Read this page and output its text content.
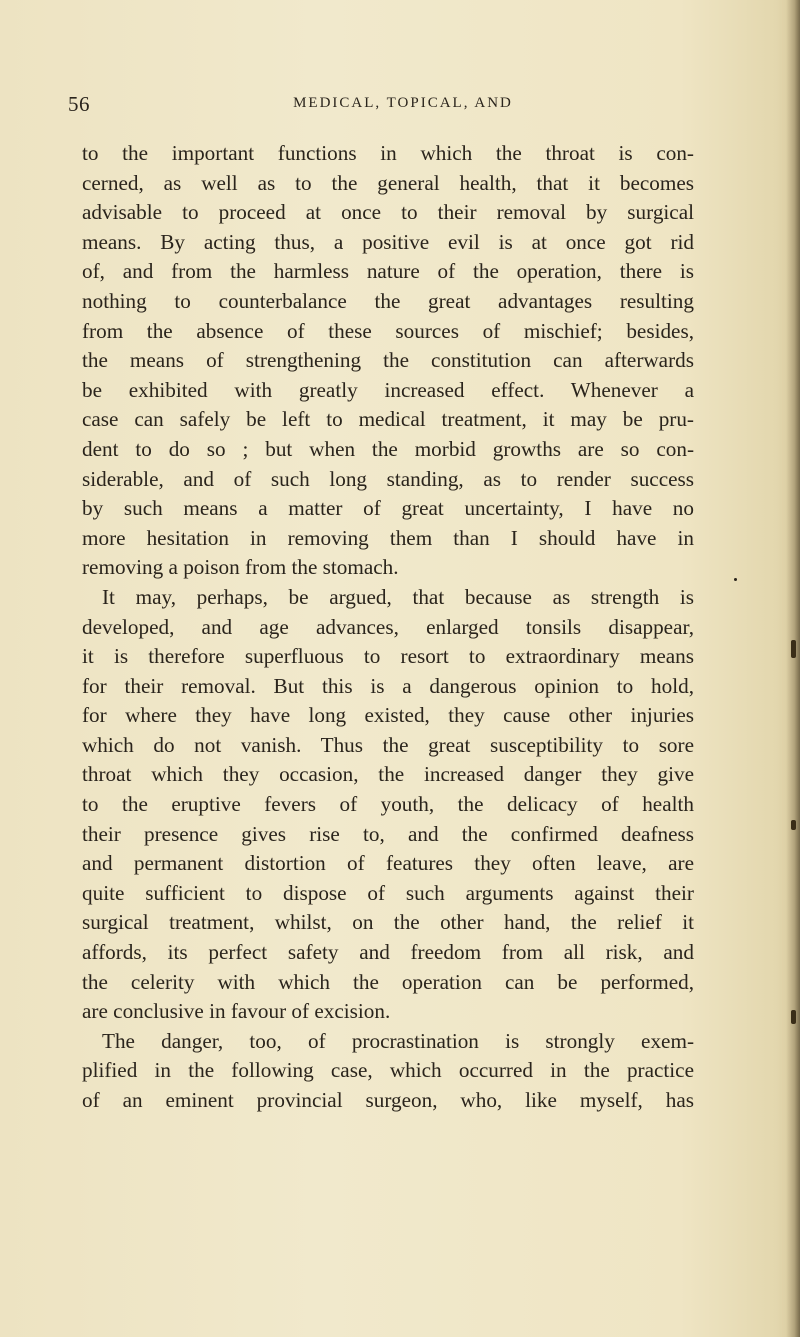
56	MEDICAL, TOPICAL, AND
to the important functions in which the throat is con-
cerned, as well as to the general health, that it becomes
advisable to proceed at once to their removal by surgical
means. By acting thus, a positive evil is at once got rid
of, and from the harmless nature of the operation, there is
nothing to counterbalance the great advantages resulting
from the absence of these sources of mischief; besides,
the means of strengthening the constitution can afterwards
be exhibited with greatly increased effect. Whenever a
case can safely be left to medical treatment, it may be pru-
dent to do so ; but when the morbid growths are so con-
siderable, and of such long standing, as to render success
by such means a matter of great uncertainty, I have no
more hesitation in removing them than I should have in
removing a poison from the stomach.
It may, perhaps, be argued, that because as strength is
developed, and age advances, enlarged tonsils disappear,
it is therefore superfluous to resort to extraordinary means
for their removal. But this is a dangerous opinion to hold,
for where they have long existed, they cause other injuries
which do not vanish. Thus the great susceptibility to sore
throat which they occasion, the increased danger they give
to the eruptive fevers of youth, the delicacy of health
their presence gives rise to, and the confirmed deafness
and permanent distortion of features they often leave, are
quite sufficient to dispose of such arguments against their
surgical treatment, whilst, on the other hand, the relief it
affords, its perfect safety and freedom from all risk, and
the celerity with which the operation can be performed,
are conclusive in favour of excision.
The danger, too, of procrastination is strongly exem-
plified in the following case, which occurred in the practice
of an eminent provincial surgeon, who, like myself, has
